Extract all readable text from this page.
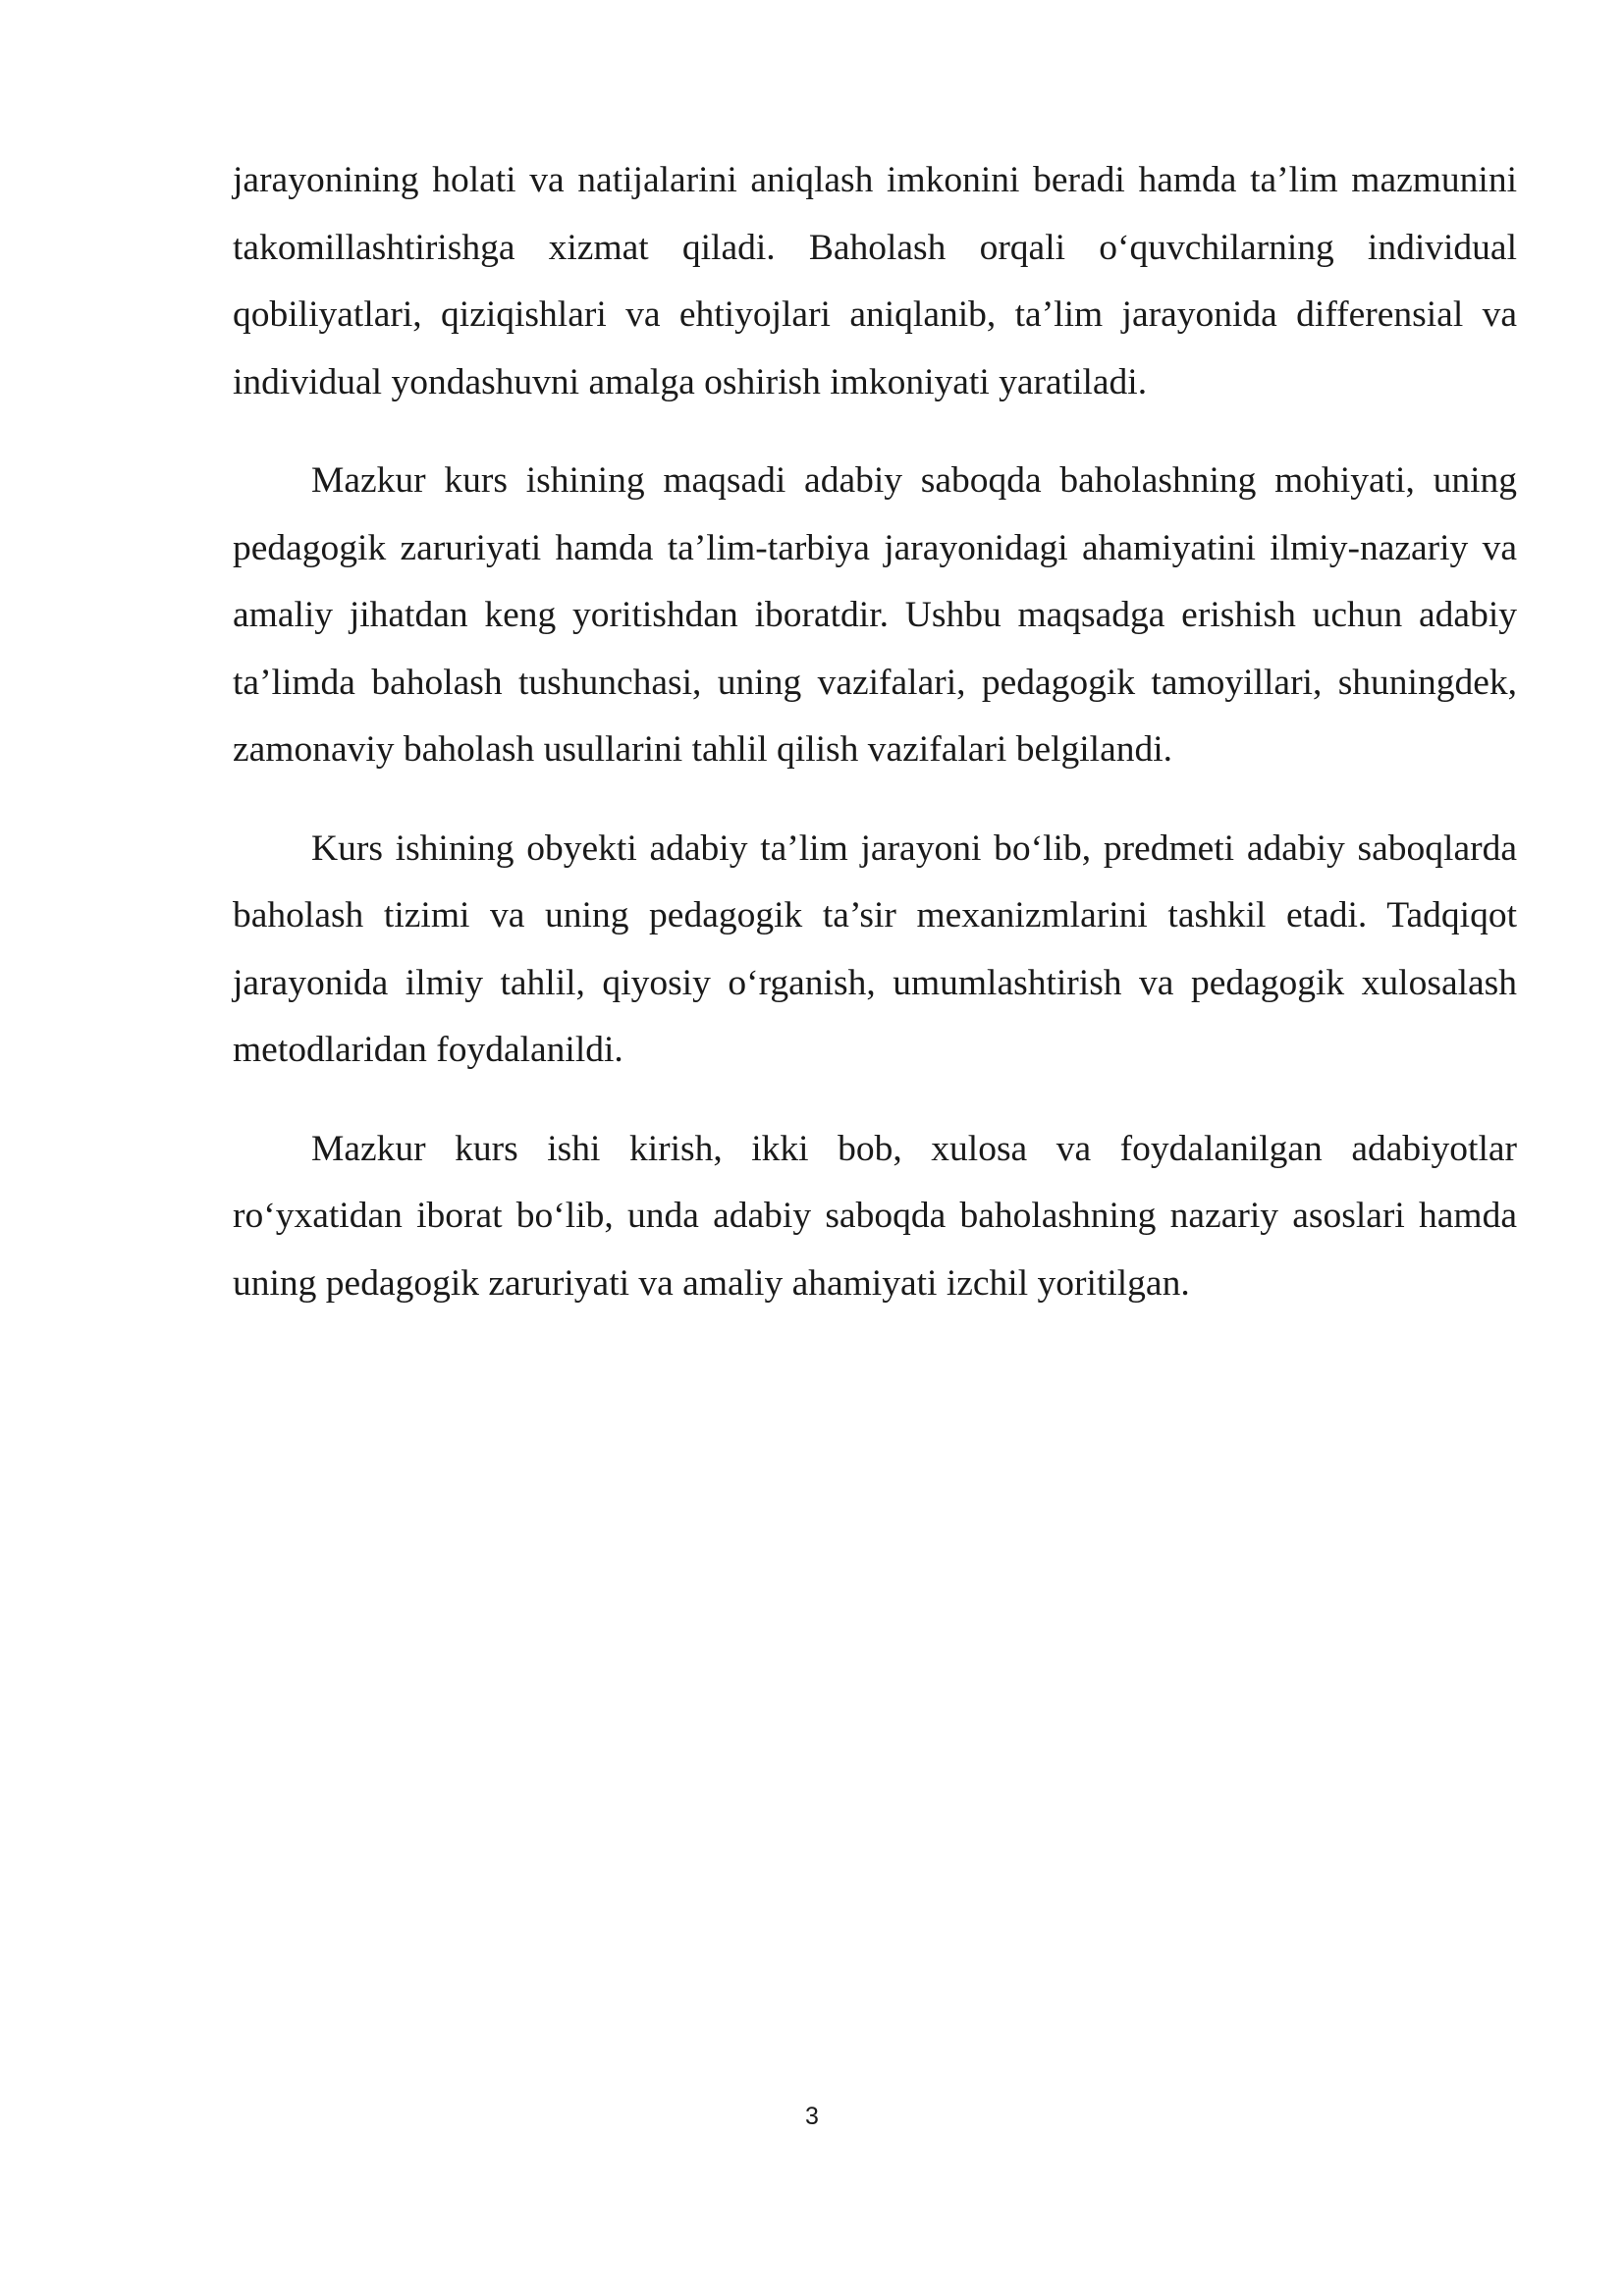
jarayonining holati va natijalarini aniqlash imkonini beradi hamda ta’lim mazmunini takomillashtirishga xizmat qiladi. Baholash orqali o‘quvchilarning individual qobiliyatlari, qiziqishlari va ehtiyojlari aniqlanib, ta’lim jarayonida differensial va individual yondashuvni amalga oshirish imkoniyati yaratiladi.

Mazkur kurs ishining maqsadi adabiy saboqda baholashning mohiyati, uning pedagogik zaruriyati hamda ta’lim-tarbiya jarayonidagi ahamiyatini ilmiy-nazariy va amaliy jihatdan keng yoritishdan iboratdir. Ushbu maqsadga erishish uchun adabiy ta’limda baholash tushunchasi, uning vazifalari, pedagogik tamoyillari, shuningdek, zamonaviy baholash usullarini tahlil qilish vazifalari belgilandi.

Kurs ishining obyekti adabiy ta’lim jarayoni bo‘lib, predmeti adabiy saboqlarda baholash tizimi va uning pedagogik ta’sir mexanizmlarini tashkil etadi. Tadqiqot jarayonida ilmiy tahlil, qiyosiy o‘rganish, umumlashtirish va pedagogik xulosalash metodlaridan foydalanildi.

Mazkur kurs ishi kirish, ikki bob, xulosa va foydalanilgan adabiyotlar ro‘yxatidan iborat bo‘lib, unda adabiy saboqda baholashning nazariy asoslari hamda uning pedagogik zaruriyati va amaliy ahamiyati izchil yoritilgan.

3
